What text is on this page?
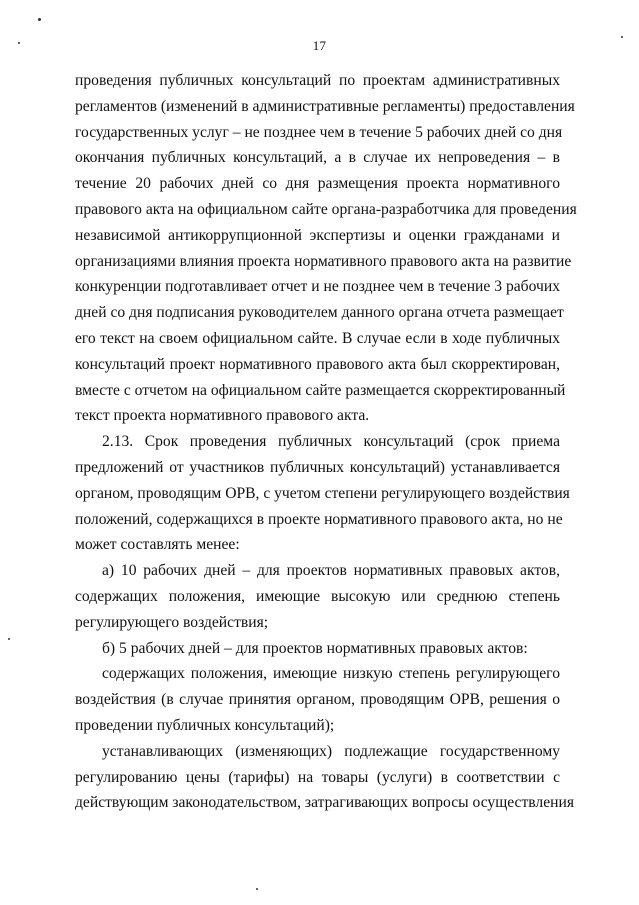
17

проведения публичных консультаций по проектам административных
регламентов (изменений в административные регламенты) предоставления
государственных услуг – не позднее чем в течение 5 рабочих дней со дня
окончания публичных консультаций, а в случае их непроведения – в
течение 20 рабочих дней со дня размещения проекта нормативного
правового акта на официальном сайте органа-разработчика для проведения
независимой антикоррупционной экспертизы и оценки гражданами и
организациями влияния проекта нормативного правового акта на развитие
конкуренции подготавливает отчет и не позднее чем в течение 3 рабочих
дней со дня подписания руководителем данного органа отчета размещает
его текст на своем официальном сайте. В случае если в ходе публичных
консультаций проект нормативного правового акта был скорректирован,
вместе с отчетом на официальном сайте размещается скорректированный
текст проекта нормативного правового акта.

2.13. Срок проведения публичных консультаций (срок приема
предложений от участников публичных консультаций) устанавливается
органом, проводящим ОРВ, с учетом степени регулирующего воздействия
положений, содержащихся в проекте нормативного правового акта, но не
может составлять менее:

а) 10 рабочих дней – для проектов нормативных правовых актов,
содержащих положения, имеющие высокую или среднюю степень
регулирующего воздействия;

б) 5 рабочих дней – для проектов нормативных правовых актов:

содержащих положения, имеющие низкую степень регулирующего
воздействия (в случае принятия органом, проводящим ОРВ, решения о
проведении публичных консультаций);

устанавливающих (изменяющих) подлежащие государственному
регулированию цены (тарифы) на товары (услуги) в соответствии с
действующим законодательством, затрагивающих вопросы осуществления
